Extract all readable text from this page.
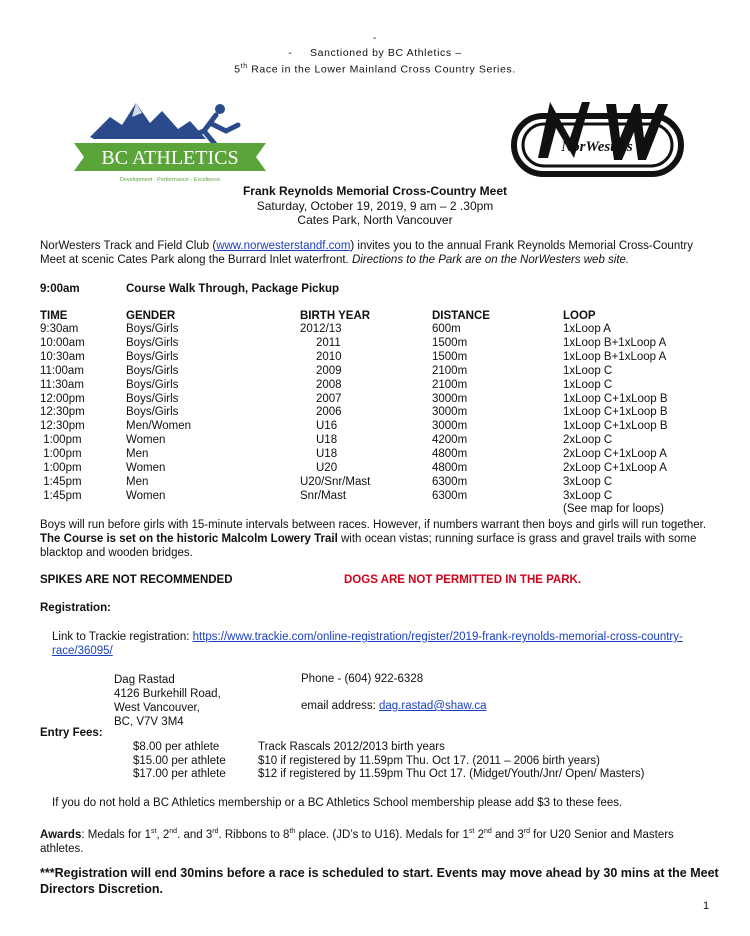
-
- Sanctioned by BC Athletics –
5th Race in the Lower Mainland Cross Country Series.
BC ATHLETICS
Development · Performance · Excellence
NorWesters
Frank Reynolds Memorial Cross-Country Meet
Saturday, October 19, 2019, 9 am – 2 .30pm
Cates Park, North Vancouver

NorWesters Track and Field Club (www.norwesterstandf.com) invites you to the annual Frank Reynolds Memorial Cross-Country Meet at scenic Cates Park along the Burrard Inlet waterfront. Directions to the Park are on the NorWesters web site.

9:00am	Course Walk Through, Package Pickup
TIME	GENDER	BIRTH YEAR	DISTANCE	LOOP
9:30am	Boys/Girls	2012/13	600m	1xLoop A
10:00am	Boys/Girls	2011	1500m	1xLoop B+1xLoop A
10:30am	Boys/Girls	2010	1500m	1xLoop B+1xLoop A
11:00am	Boys/Girls	2009	2100m	1xLoop C
11:30am	Boys/Girls	2008	2100m	1xLoop C
12:00pm	Boys/Girls	2007	3000m	1xLoop C+1xLoop B
12:30pm	Boys/Girls	2006	3000m	1xLoop C+1xLoop B
12:30pm	Men/Women	U16	3000m	1xLoop C+1xLoop B
1:00pm	Women	U18	4200m	2xLoop C
1:00pm	Men	U18	4800m	2xLoop C+1xLoop A
1:00pm	Women	U20	4800m	2xLoop C+1xLoop A
1:45pm	Men	U20/Snr/Mast	6300m	3xLoop C
1:45pm	Women	Snr/Mast	6300m	3xLoop C
(See map for loops)

Boys will run before girls with 15-minute intervals between races. However, if numbers warrant then boys and girls will run together. The Course is set on the historic Malcolm Lowery Trail with ocean vistas; running surface is grass and gravel trails with some blacktop and wooden bridges.

SPIKES ARE NOT RECOMMENDED	DOGS ARE NOT PERMITTED IN THE PARK.
Registration:

Link to Trackie registration: https://www.trackie.com/online-registration/register/2019-frank-reynolds-memorial-cross-country-race/36095/

Dag Rastad
4126 Burkehill Road,
West Vancouver,
BC, V7V 3M4
Phone - (604) 922-6328
email address: dag.rastad@shaw.ca
Entry Fees:
$8.00 per athlete	Track Rascals 2012/2013 birth years
$15.00 per athlete	$10 if registered by 11.59pm Thu. Oct 17. (2011 – 2006 birth years)
$17.00 per athlete	$12 if registered by 11.59pm Thu Oct 17. (Midget/Youth/Jnr/ Open/ Masters)
If you do not hold a BC Athletics membership or a BC Athletics School membership please add $3 to these fees.

Awards: Medals for 1st, 2nd. and 3rd. Ribbons to 8th place. (JD’s to U16). Medals for 1st 2nd and 3rd for U20 Senior and Masters athletes.

***Registration will end 30mins before a race is scheduled to start. Events may move ahead by 30 mins at the Meet Directors Discretion.

1
